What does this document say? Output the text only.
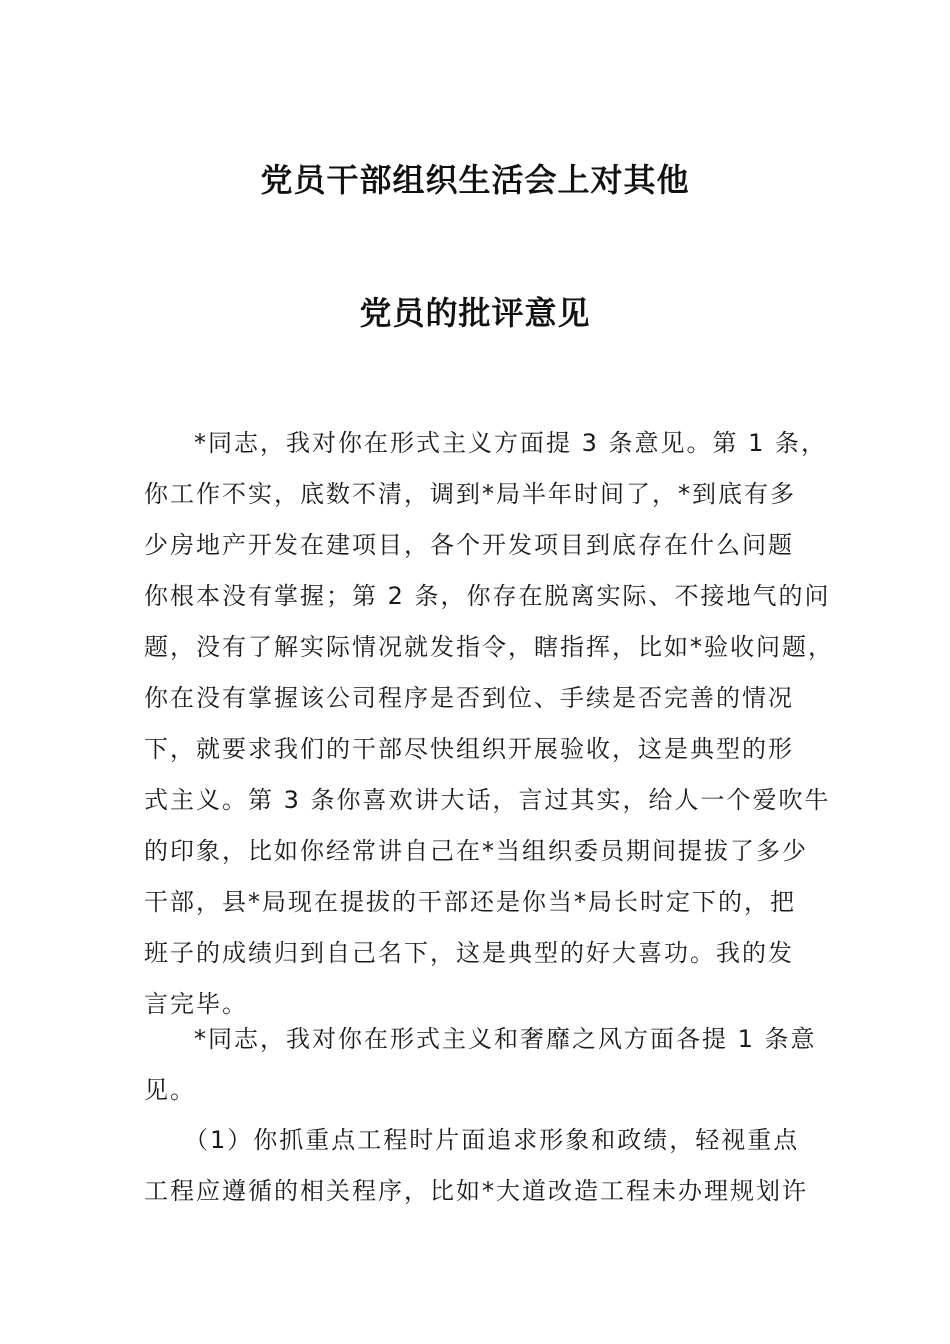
党员干部组织生活会上对其他
党员的批评意见
*同志，我对你在形式主义方面提 3 条意见。第 1 条，
你工作不实，底数不清，调到*局半年时间了，*到底有多
少房地产开发在建项目，各个开发项目到底存在什么问题
你根本没有掌握；第 2 条，你存在脱离实际、不接地气的问
题，没有了解实际情况就发指令，瞎指挥，比如*验收问题，
你在没有掌握该公司程序是否到位、手续是否完善的情况
下，就要求我们的干部尽快组织开展验收，这是典型的形
式主义。第 3 条你喜欢讲大话，言过其实，给人一个爱吹牛
的印象，比如你经常讲自己在*当组织委员期间提拔了多少
干部，县*局现在提拔的干部还是你当*局长时定下的，把
班子的成绩归到自己名下，这是典型的好大喜功。我的发
言完毕。
*同志，我对你在形式主义和奢靡之风方面各提 1 条意
见。
（1）你抓重点工程时片面追求形象和政绩，轻视重点
工程应遵循的相关程序，比如*大道改造工程未办理规划许
